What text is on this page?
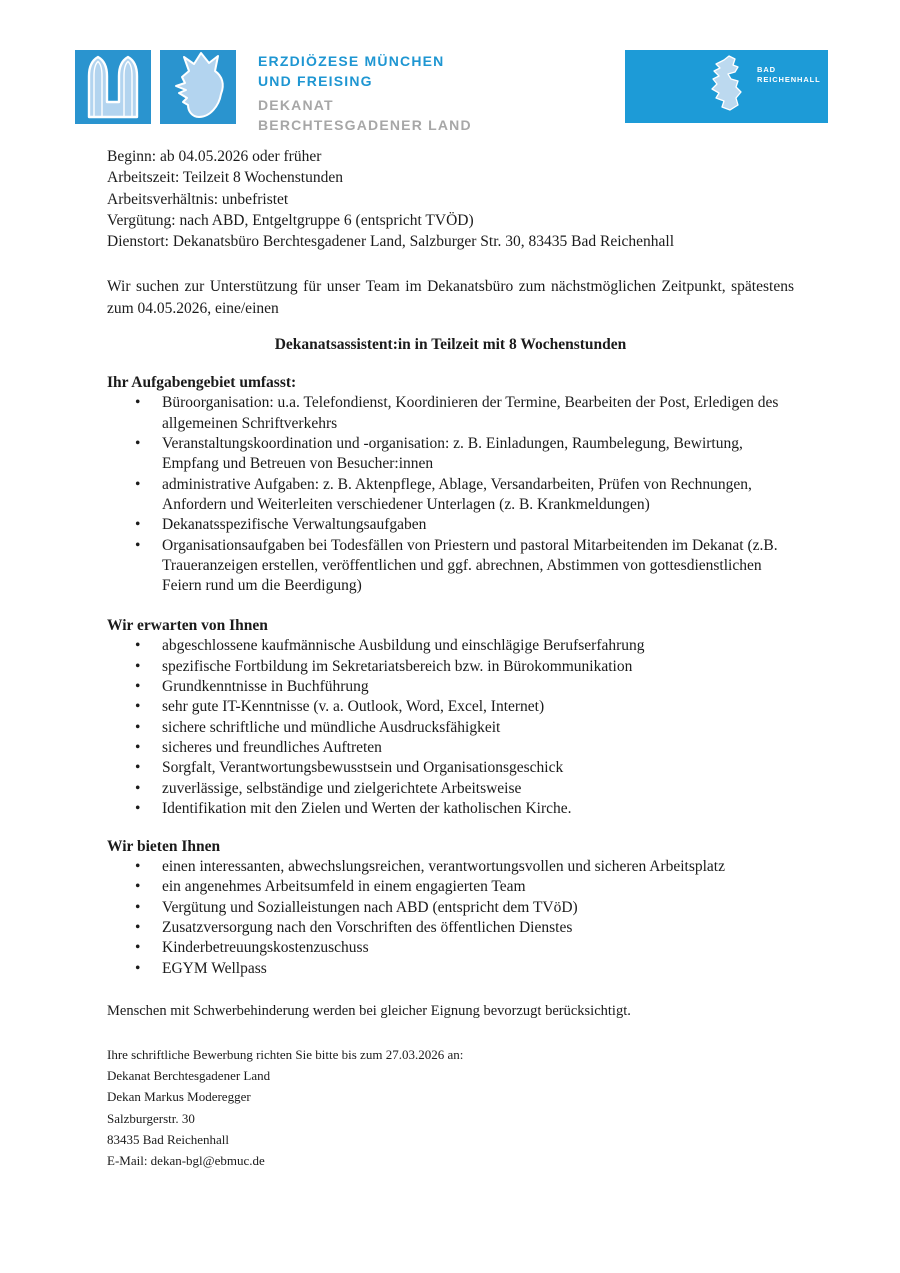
ERZDIÖZESE MÜNCHEN
UND FREISING
DEKANAT
BERCHTESGADENER LAND
BAD
REICHENHALL
Beginn: ab 04.05.2026 oder früher
Arbeitszeit: Teilzeit 8 Wochenstunden
Arbeitsverhältnis: unbefristet
Vergütung: nach ABD, Entgeltgruppe 6 (entspricht TVÖD)
Dienstort: Dekanatsbüro Berchtesgadener Land, Salzburger Str. 30, 83435 Bad Reichenhall

Wir suchen zur Unterstützung für unser Team im Dekanatsbüro zum nächstmöglichen Zeitpunkt, spätestens zum 04.05.2026, eine/einen

Dekanatsassistent:in in Teilzeit mit 8 Wochenstunden
Ihr Aufgabengebiet umfasst:
• Büroorganisation: u.a. Telefondienst, Koordinieren der Termine, Bearbeiten der Post, Erledigen des allgemeinen Schriftverkehrs
• Veranstaltungskoordination und -organisation: z. B. Einladungen, Raumbelegung, Bewirtung, Empfang und Betreuen von Besucher:innen
• administrative Aufgaben: z. B. Aktenpflege, Ablage, Versandarbeiten, Prüfen von Rechnungen, Anfordern und Weiterleiten verschiedener Unterlagen (z. B. Krankmeldungen)
• Dekanatsspezifische Verwaltungsaufgaben
• Organisationsaufgaben bei Todesfällen von Priestern und pastoral Mitarbeitenden im Dekanat (z.B. Traueranzeigen erstellen, veröffentlichen und ggf. abrechnen, Abstimmen von gottesdienstlichen Feiern rund um die Beerdigung)
Wir erwarten von Ihnen
• abgeschlossene kaufmännische Ausbildung und einschlägige Berufserfahrung
• spezifische Fortbildung im Sekretariatsbereich bzw. in Bürokommunikation
• Grundkenntnisse in Buchführung
• sehr gute IT-Kenntnisse (v. a. Outlook, Word, Excel, Internet)
• sichere schriftliche und mündliche Ausdrucksfähigkeit
• sicheres und freundliches Auftreten
• Sorgfalt, Verantwortungsbewusstsein und Organisationsgeschick
• zuverlässige, selbständige und zielgerichtete Arbeitsweise
• Identifikation mit den Zielen und Werten der katholischen Kirche.
Wir bieten Ihnen
• einen interessanten, abwechslungsreichen, verantwortungsvollen und sicheren Arbeitsplatz
• ein angenehmes Arbeitsumfeld in einem engagierten Team
• Vergütung und Sozialleistungen nach ABD (entspricht dem TVöD)
• Zusatzversorgung nach den Vorschriften des öffentlichen Dienstes
• Kinderbetreuungskostenzuschuss
• EGYM Wellpass

Menschen mit Schwerbehinderung werden bei gleicher Eignung bevorzugt berücksichtigt.

Ihre schriftliche Bewerbung richten Sie bitte bis zum 27.03.2026 an:
Dekanat Berchtesgadener Land
Dekan Markus Moderegger
Salzburgerstr. 30
83435 Bad Reichenhall
E-Mail: dekan-bgl@ebmuc.de
